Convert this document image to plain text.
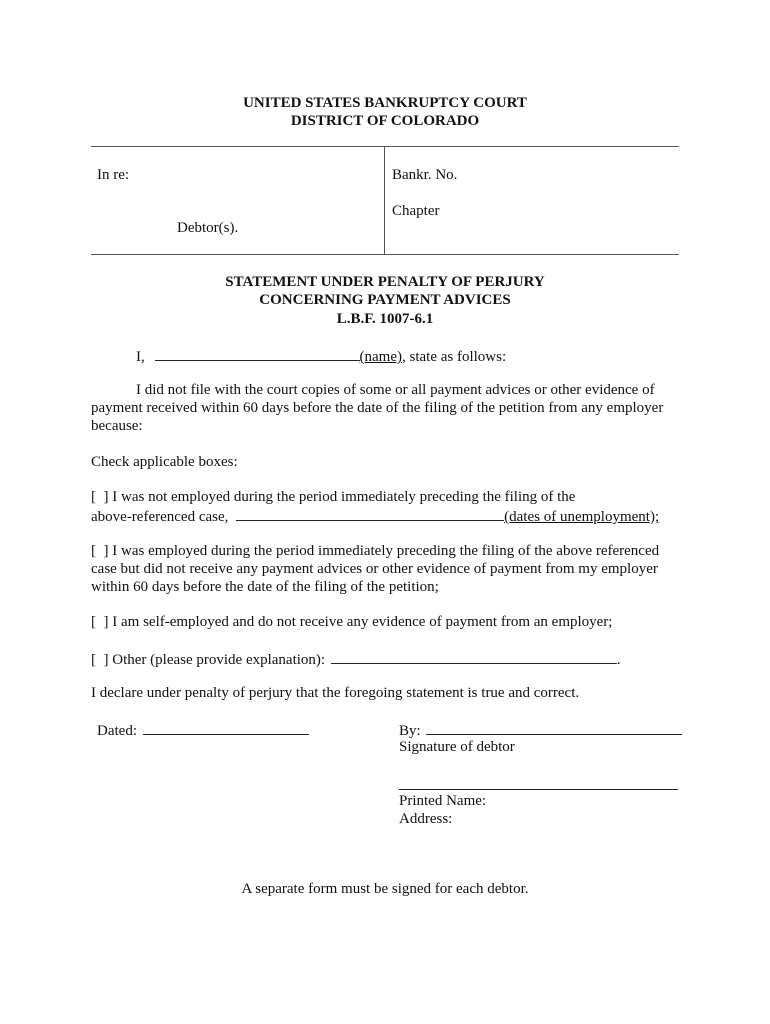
UNITED STATES BANKRUPTCY COURT
DISTRICT OF COLORADO
In re:
Debtor(s).
Bankr. No.
Chapter
STATEMENT UNDER PENALTY OF PERJURY
CONCERNING PAYMENT ADVICES
L.B.F. 1007-6.1
I,	(name), state as follows:
I did not file with the court copies of some or all payment advices or other evidence of
payment received within 60 days before the date of the filing of the petition from any employer
because:
Check applicable boxes:
[  ] I was not employed during the period immediately preceding the filing of the
above-referenced case,	(dates of unemployment);
[  ] I was employed during the period immediately preceding the filing of the above referenced
case but did not receive any payment advices or other evidence of payment from my employer
within 60 days before the date of the filing of the petition;
[  ] I am self-employed and do not receive any evidence of payment from an employer;
[  ] Other (please provide explanation):	.
I declare under penalty of perjury that the foregoing statement is true and correct.
Dated:	By:
Signature of debtor
Printed Name:
Address:
A separate form must be signed for each debtor.
